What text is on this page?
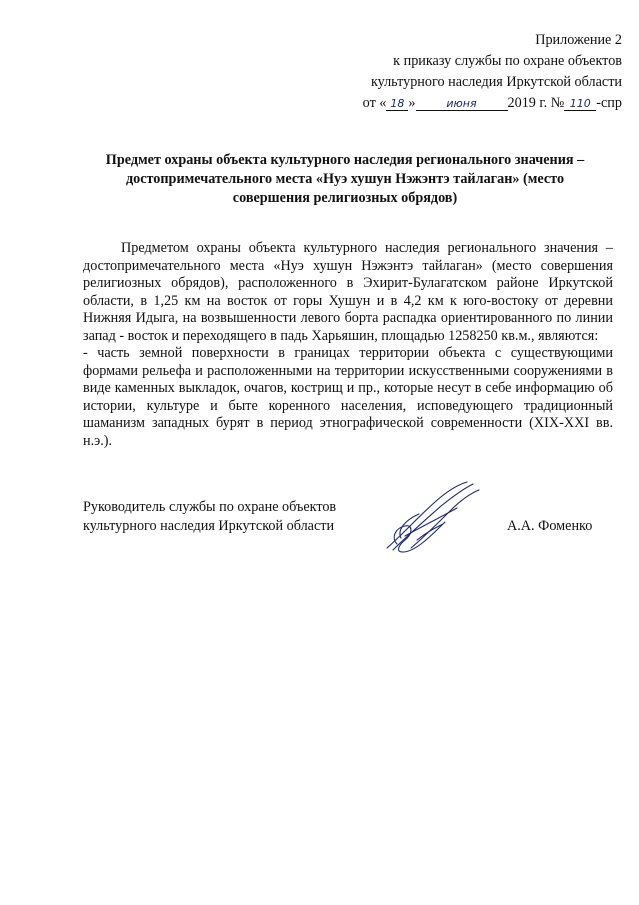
Приложение 2
к приказу службы по охране объектов
культурного наследия Иркутской области
от « 18 »	июня 2019 г. № 110 -спр
Предмет охраны объекта культурного наследия регионального значения –
достопримечательного места «Нуэ хушун Нэжэнтэ тайлаган» (место
совершения религиозных обрядов)

Предметом охраны объекта культурного наследия регионального значения – достопримечательного места «Нуэ хушун Нэжэнтэ тайлаган» (место совершения религиозных обрядов), расположенного в Эхирит-Булагатском районе Иркутской области, в 1,25 км на восток от горы Хушун и в 4,2 км к юго-востоку от деревни Нижняя Идыга, на возвышенности левого борта распадка ориентированного по линии запад - восток и переходящего в падь Харьяшин, площадью 1258250 кв.м., являются:

- часть земной поверхности в границах территории объекта с существующими формами рельефа и расположенными на территории искусственными сооружениями в виде каменных выкладок, очагов, кострищ и пр., которые несут в себе информацию об истории, культуре и быте коренного населения, исповедующего традиционный шаманизм западных бурят в период этнографической современности (XIX-XXI вв. н.э.).

Руководитель службы по охране объектов
культурного наследия Иркутской области	А.А. Фоменко
